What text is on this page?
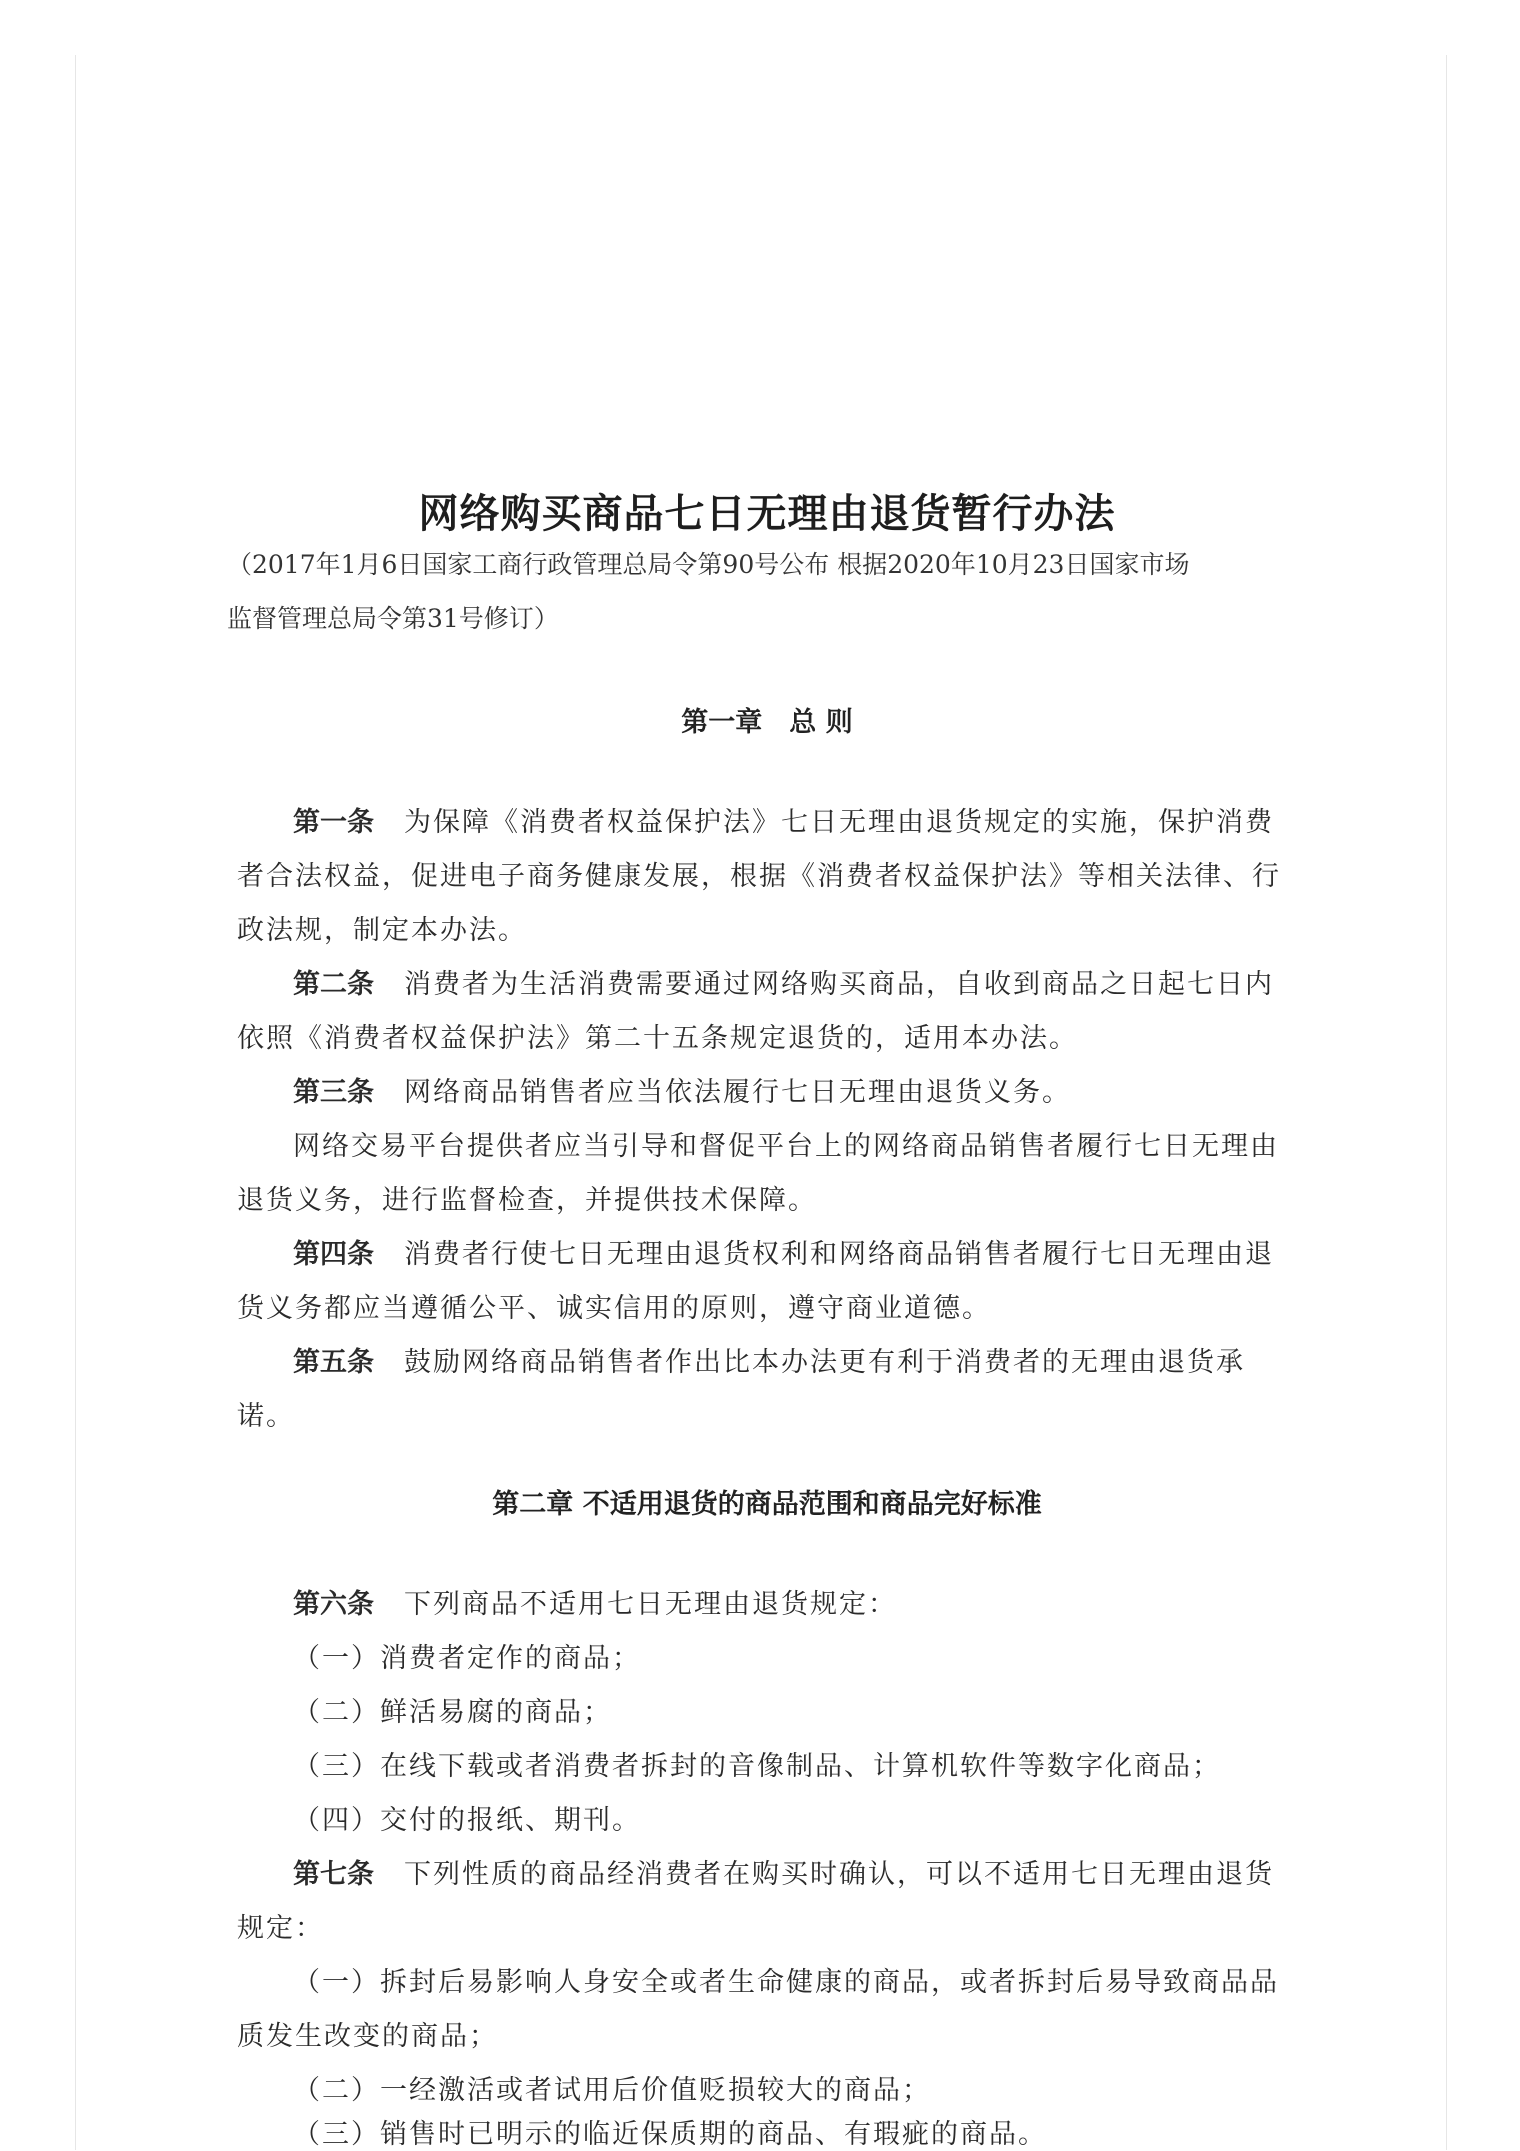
网络购买商品七日无理由退货暂行办法
（2017年1月6日国家工商行政管理总局令第90号公布 根据2020年10月23日国家市场
监督管理总局令第31号修订）
第一章　总 则
第一条 为保障《消费者权益保护法》七日无理由退货规定的实施，保护消费
者合法权益，促进电子商务健康发展，根据《消费者权益保护法》等相关法律、行
政法规，制定本办法。
第二条 消费者为生活消费需要通过网络购买商品，自收到商品之日起七日内
依照《消费者权益保护法》第二十五条规定退货的，适用本办法。
第三条 网络商品销售者应当依法履行七日无理由退货义务。
网络交易平台提供者应当引导和督促平台上的网络商品销售者履行七日无理由
退货义务，进行监督检查，并提供技术保障。
第四条 消费者行使七日无理由退货权利和网络商品销售者履行七日无理由退
货义务都应当遵循公平、诚实信用的原则，遵守商业道德。
第五条 鼓励网络商品销售者作出比本办法更有利于消费者的无理由退货承
诺。
第二章 不适用退货的商品范围和商品完好标准
第六条 下列商品不适用七日无理由退货规定：
（一）消费者定作的商品；
（二）鲜活易腐的商品；
（三）在线下载或者消费者拆封的音像制品、计算机软件等数字化商品；
（四）交付的报纸、期刊。
第七条 下列性质的商品经消费者在购买时确认，可以不适用七日无理由退货
规定：
（一）拆封后易影响人身安全或者生命健康的商品，或者拆封后易导致商品品
质发生改变的商品；
（二）一经激活或者试用后价值贬损较大的商品；
（三）销售时已明示的临近保质期的商品、有瑕疵的商品。
